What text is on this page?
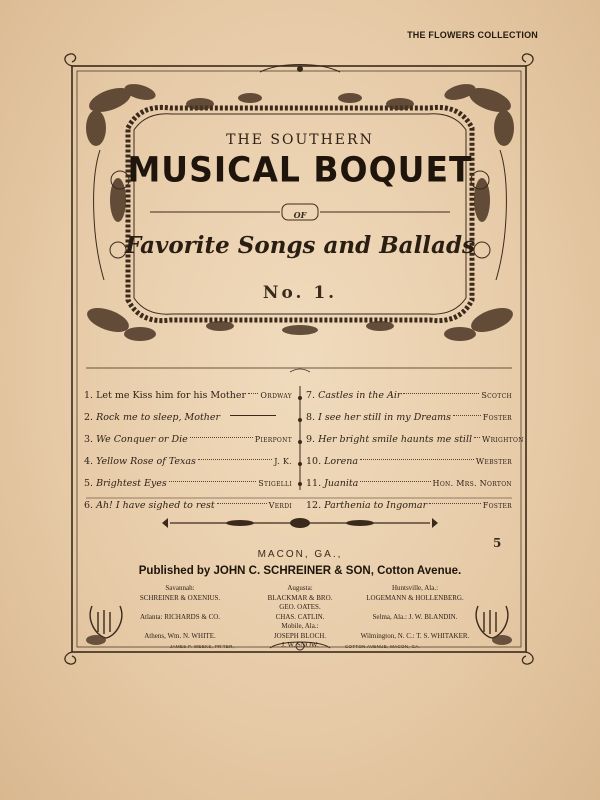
THE FLOWERS COLLECTION
THE SOUTHERN
MUSICAL BOQUET
OF
Favorite Songs and Ballads
No. 1.
1. Let me Kiss him for his Mother Ordway 7. Castles in the Air	Scotch
2. Rock me to sleep, Mother	8. I see her still in my Dreams	Foster
3. We Conquer or Die	Pierpont 9. Her bright smile haunts me still Wrighton
4. Yellow Rose of Texas	J. K. 10. Lorena	Webster
5. Brightest Eyes	Stigelli 11. Juanita	Hon. Mrs. Norton
6. Ah! I have sighed to rest	Verdi 12. Parthenia to Ingomar	Foster
5
MACON, GA.,
Published by JOHN C. SCHREINER & SON, Cotton Avenue.
Savannah:
SCHREINER & OXENIUS.

Atlanta: RICHARDS & CO.

Athens, Wm. N. WHITE.
Augusta:
BLACKMAR & BRO.
GEO. OATES.
CHAS. CATLIN.
Mobile, Ala.:
JOSEPH BLOCH.
J. W. SNOW.
Huntsville, Ala.:
LOGEMANN & HOLLENBERG.

Selma, Ala.: J. W. BLANDIN.

Wilmington, N. C.: T. S. WHITAKER.
JAMES P. WEEKS, PR'TER,	COTTON AVENUE, MACON, GA.
